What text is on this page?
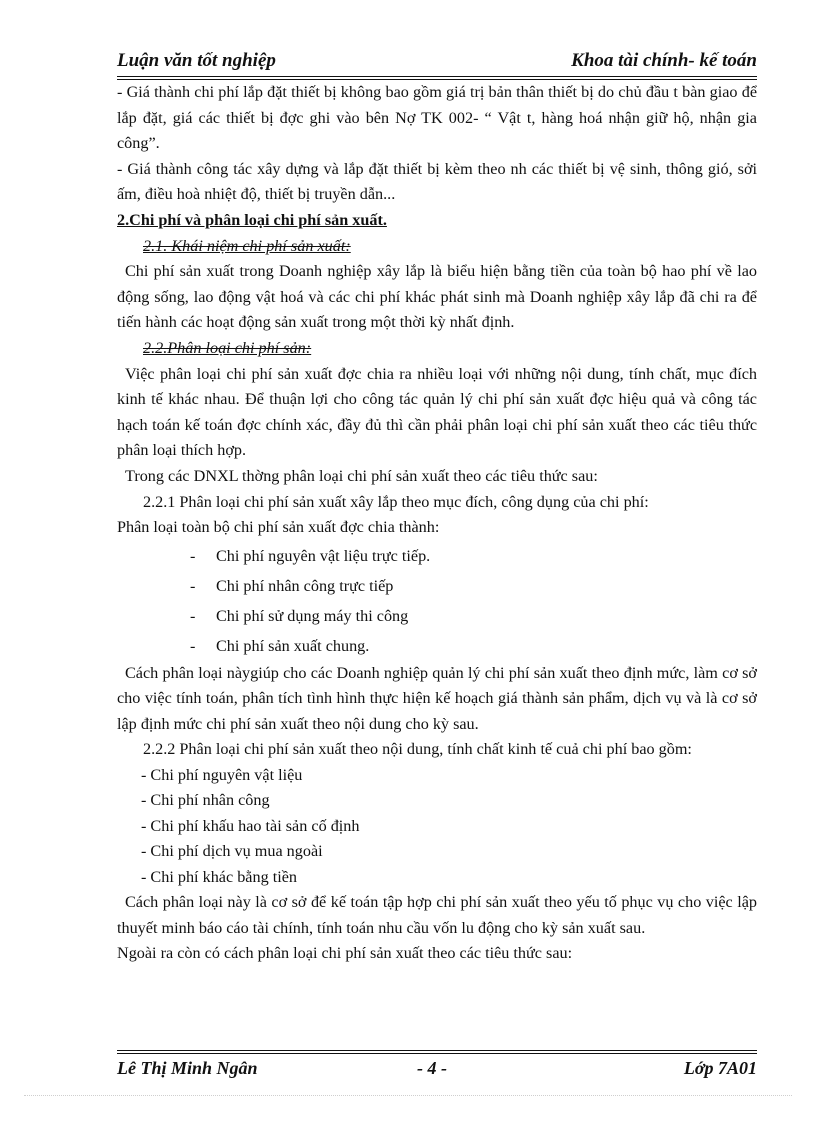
Luận văn tốt nghiệp	Khoa tài chính- kế toán

- Giá thành chi phí lắp đặt thiết bị không bao gồm giá trị bản thân thiết bị do chủ đầu t bàn giao để lắp đặt, giá các thiết bị đợc ghi vào bên Nợ TK 002- “ Vật t, hàng hoá nhận giữ hộ, nhận gia công”.

- Giá thành công tác xây dựng và lắp đặt thiết bị kèm theo nh các thiết bị vệ sinh, thông gió, sởi ấm, điều hoà nhiệt độ, thiết bị truyền dẫn...

2.Chi phí và phân loại chi phí sản xuất.

2.1. Khái niệm chi phí sản xuất:

Chi phí sản xuất trong Doanh nghiệp xây lắp là biểu hiện bằng tiền của toàn bộ hao phí về lao động sống, lao động vật hoá và các chi phí khác phát sinh mà Doanh nghiệp xây lắp đã chi ra để tiến hành các hoạt động sản xuất trong một thời kỳ nhất định.

2.2.Phân loại chi phí sản:

Việc phân loại chi phí sản xuất đợc chia ra nhiều loại với những nội dung, tính chất, mục đích kinh tế khác nhau. Để thuận lợi cho công tác quản lý chi phí sản xuất đợc hiệu quả và công tác hạch toán kế toán đợc chính xác, đầy đủ thì cần phải phân loại chi phí sản xuất theo các tiêu thức phân loại thích hợp.

Trong các DNXL thờng phân loại chi phí sản xuất theo các tiêu thức sau:

2.2.1 Phân loại chi phí sản xuất xây lắp theo mục đích, công dụng của chi phí:

Phân loại toàn bộ chi phí sản xuất đợc chia thành:

- Chi phí nguyên vật liệu trực tiếp.
- Chi phí nhân công trực tiếp
- Chi phí sử dụng máy thi công
- Chi phí sản xuất chung.

Cách phân loại nàygiúp cho các Doanh nghiệp quản lý chi phí sản xuất theo định mức, làm cơ sở cho việc tính toán, phân tích tình hình thực hiện kế hoạch giá thành sản phẩm, dịch vụ và là cơ sở lập định mức chi phí sản xuất theo nội dung cho kỳ sau.

2.2.2 Phân loại chi phí sản xuất theo nội dung, tính chất kinh tế cuả chi phí bao gồm:

- Chi phí nguyên vật liệu

- Chi phí nhân công

- Chi phí khấu hao tài sản cố định

- Chi phí dịch vụ mua ngoài

- Chi phí khác bằng tiền

Cách phân loại này là cơ sở để kế toán tập hợp chi phí sản xuất theo yếu tố phục vụ cho việc lập thuyết minh báo cáo tài chính, tính toán nhu cầu vốn lu động cho kỳ sản xuất sau.

Ngoài ra còn có cách phân loại chi phí sản xuất theo các tiêu thức sau:

Lê Thị Minh Ngân	- 4 -	Lớp 7A01
